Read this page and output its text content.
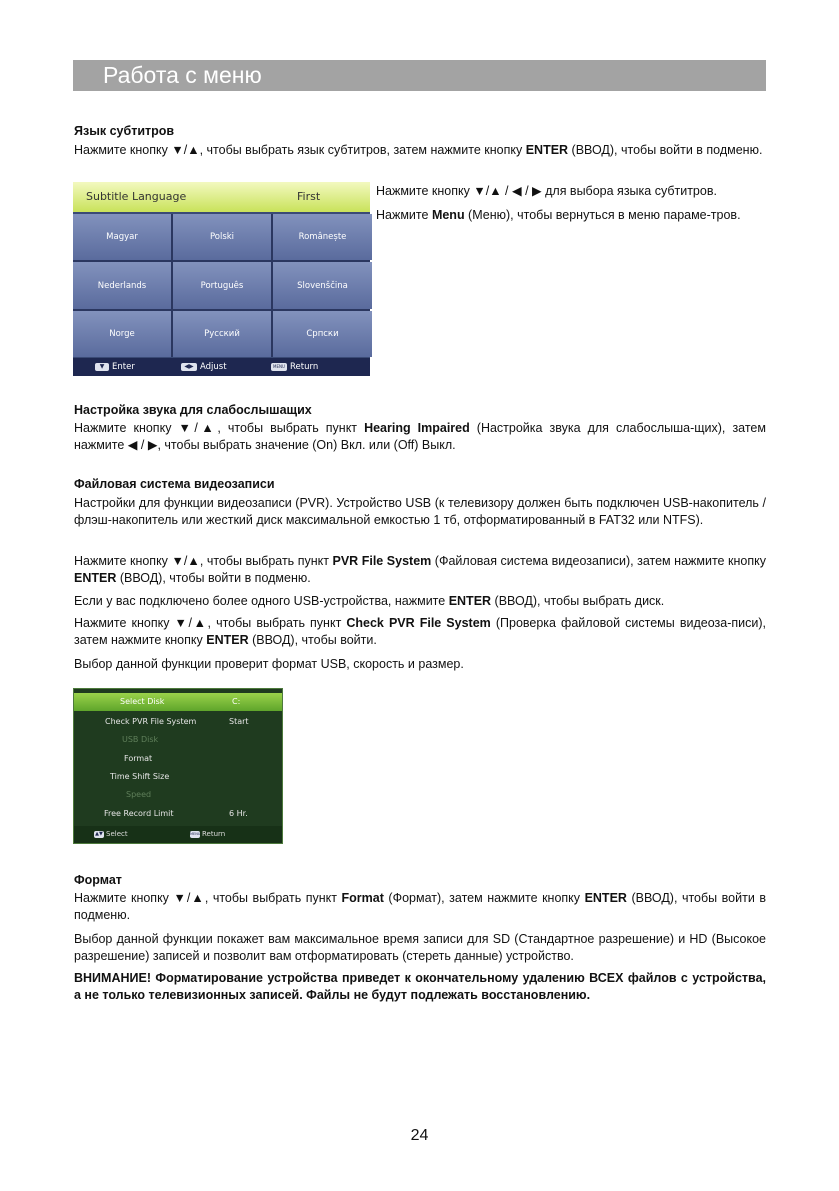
Работа с меню
Язык субтитров
Нажмите кнопку ▼/▲, чтобы выбрать язык субтитров, затем нажмите кнопку ENTER (ВВОД), чтобы войти в подменю.
Subtitle Language	First
Magyar	Polski	Românește
Nederlands	Português	Slovenščina
Norge	Русский	Српски
▼ Enter	◀▶ Adjust	MENU Return
Нажмите кнопку ▼/▲ / ◀ / ▶ для выбора языка субтитров.
Нажмите Menu (Меню), чтобы вернуться в меню параме-тров.
Настройка звука для слабослышащих
Нажмите кнопку ▼/▲, чтобы выбрать пункт Hearing Impaired (Настройка звука для слабослыша-щих), затем нажмите ◀ / ▶, чтобы выбрать значение (On) Вкл. или (Off) Выкл.
Файловая система видеозаписи
Настройки для функции видеозаписи (PVR). Устройство USB (к телевизору должен быть подключен USB-накопитель / флэш-накопитель или жесткий диск максимальной емкостью 1 тб, отформатированный в FAT32 или NTFS).
Нажмите кнопку ▼/▲, чтобы выбрать пункт PVR File System (Файловая система видеозаписи), затем нажмите кнопку ENTER (ВВОД), чтобы войти в подменю.
Если у вас подключено более одного USB-устройства, нажмите ENTER (ВВОД), чтобы выбрать диск.
Нажмите кнопку ▼/▲, чтобы выбрать пункт Check PVR File System (Проверка файловой системы видеоза-писи), затем нажмите кнопку ENTER (ВВОД), чтобы войти.
Выбор данной функции проверит формат USB, скорость и размер.
Select Disk	C:
Check PVR File System	Start
USB Disk
Format
Time Shift Size
Speed
Free Record Limit	6 Hr.
▲▼ Select	MENU Return
Формат
Нажмите кнопку ▼/▲, чтобы выбрать пункт Format (Формат), затем нажмите кнопку ENTER (ВВОД), чтобы войти в подменю.
Выбор данной функции покажет вам максимальное время записи для SD (Стандартное разрешение) и HD (Высокое разрешение) записей и позволит вам отформатировать (стереть данные) устройство.
ВНИМАНИЕ! Форматирование устройства приведет к окончательному удалению ВСЕХ файлов с устройства, а не только телевизионных записей. Файлы не будут подлежать восстановлению.
24
